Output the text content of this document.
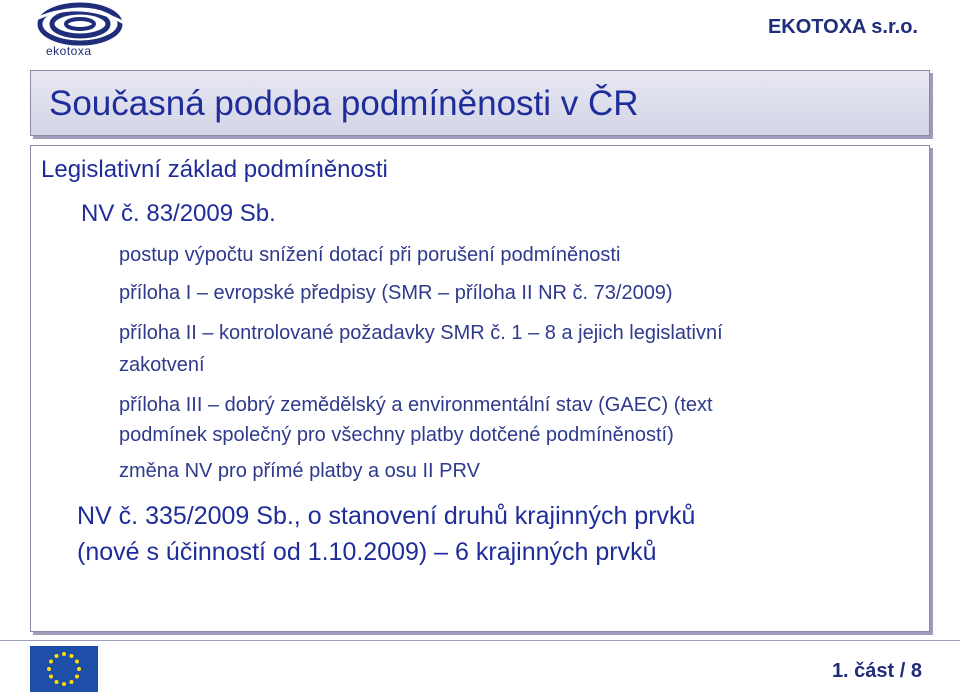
ekotoxa
EKOTOXA s.r.o.
Současná podoba podmíněnosti v ČR

Legislativní základ podmíněnosti

NV č. 83/2009 Sb.

postup výpočtu snížení dotací při porušení podmíněnosti

příloha I – evropské předpisy (SMR – příloha II NR č. 73/2009)

příloha II – kontrolované požadavky SMR č. 1 – 8 a jejich legislativní

zakotvení

příloha III – dobrý zemědělský a environmentální stav (GAEC) (text

podmínek společný pro všechny platby dotčené podmíněností)

změna NV pro přímé platby a osu II PRV

NV č. 335/2009 Sb., o stanovení druhů krajinných prvků

(nové s účinností od 1.10.2009) – 6 krajinných prvků

1. část / 8
